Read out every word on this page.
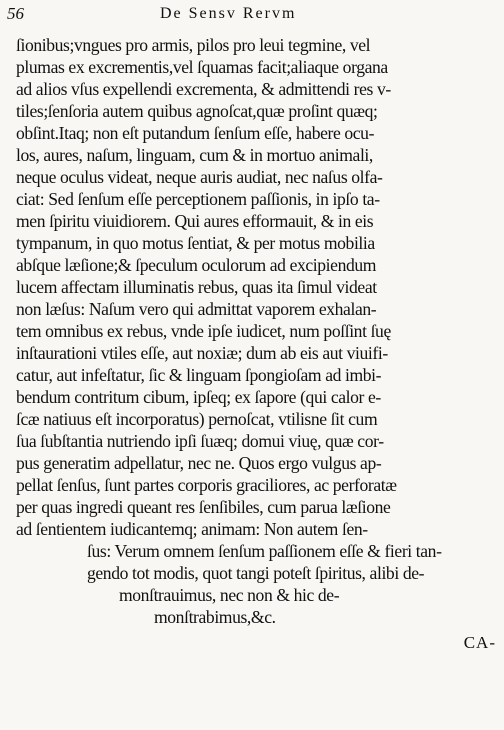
56	De Sensv Rervm
ſionibus;vngues pro armis, pilos pro leui tegmine, vel
plumas ex excrementis,vel ſquamas facit;aliaque organa
ad alios vſus expellendi excrementa, & admittendi res v-
tiles;ſenſoria autem quibus agnoſcat,quæ proſint quæq;
obſint.Itaq; non eſt putandum ſenſum eſſe, habere ocu-
los, aures, naſum, linguam, cum & in mortuo animali,
neque oculus videat, neque auris audiat, nec naſus olfa-
ciat: Sed ſenſum eſſe perceptionem paſſionis, in ipſo ta-
men ſpiritu viuidiorem. Qui aures efformauit, & in eis
tympanum, in quo motus ſentiat, & per motus mobilia
abſque læſione;& ſpeculum oculorum ad excipiendum
lucem affectam illuminatis rebus, quas ita ſimul videat
non læſus: Naſum vero qui admittat vaporem exhalan-
tem omnibus ex rebus, vnde ipſe iudicet, num poſſint ſuę
inſtaurationi vtiles eſſe, aut noxiæ; dum ab eis aut viuifi-
catur, aut infeſtatur, ſic & linguam ſpongioſam ad imbi-
bendum contritum cibum, ipſeq; ex ſapore (qui calor e-
ſcæ natiuus eſt incorporatus) pernoſcat, vtilisne ſit cum
ſua ſubſtantia nutriendo ipſi ſuæq; domui viuę, quæ cor-
pus generatim adpellatur, nec ne. Quos ergo vulgus ap-
pellat ſenſus, ſunt partes corporis graciliores, ac perforatæ
per quas ingredi queant res ſenſibiles, cum parua læſione
ad ſentientem iudicantemq; animam: Non autem ſen-
ſus: Verum omnem ſenſum paſſionem eſſe & fieri tan-
gendo tot modis, quot tangi poteſt ſpiritus, alibi de-
monſtrauimus, nec non & hic de-
monſtrabimus,&c.
CA-
